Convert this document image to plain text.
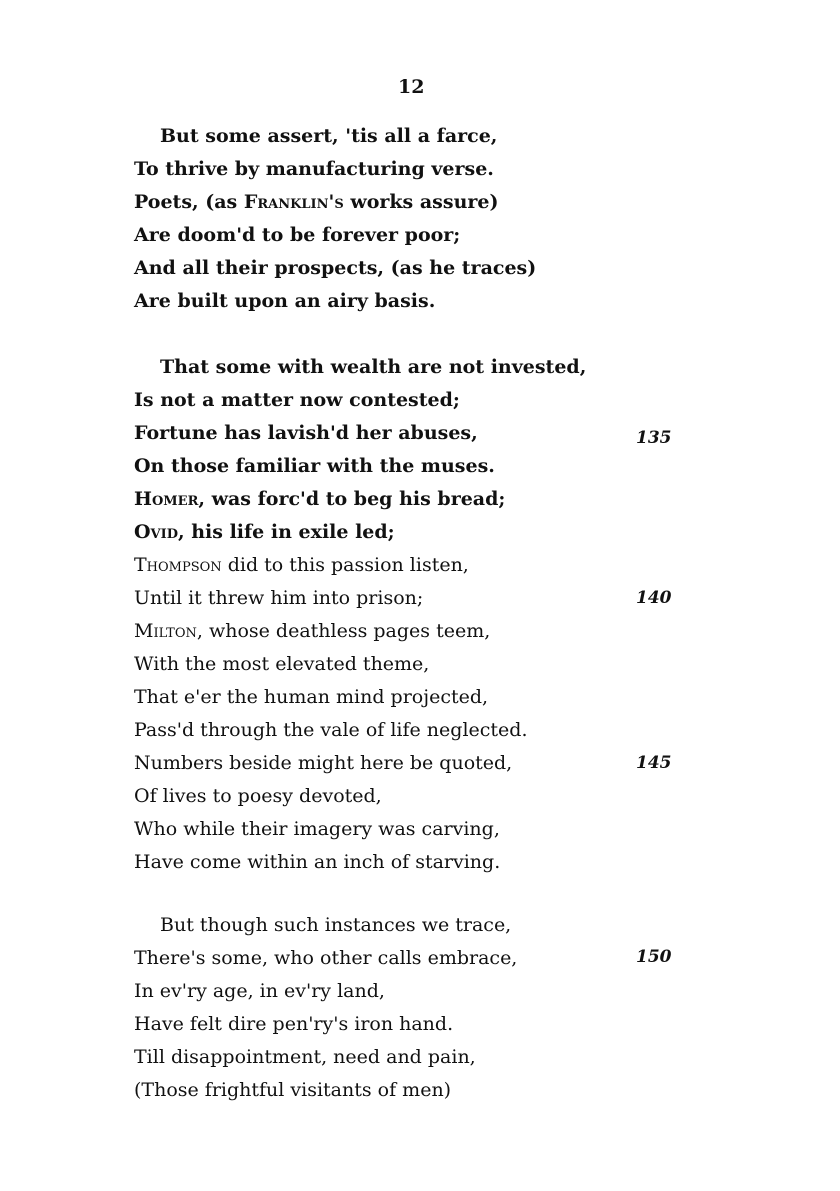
12
But some assert, 'tis all a farce,
To thrive by manufacturing verse.
Poets, (as Franklin's works assure)
Are doom'd to be forever poor;
And all their prospects, (as he traces)
Are built upon an airy basis.
That some with wealth are not invested,
Is not a matter now contested;
Fortune has lavish'd her abuses,
On those familiar with the muses.
Homer, was forc'd to beg his bread;
Ovid, his life in exile led;
Thompson did to this passion listen,
Until it threw him into prison;
Milton, whose deathless pages teem,
With the most elevated theme,
That e'er the human mind projected,
Pass'd through the vale of life neglected.
Numbers beside might here be quoted,
Of lives to poesy devoted,
Who while their imagery was carving,
Have come within an inch of starving.
But though such instances we trace,
There's some, who other calls embrace,
In ev'ry age, in ev'ry land,
Have felt dire pen'ry's iron hand.
Till disappointment, need and pain,
(Those frightful visitants of men)
135
140
145
150
